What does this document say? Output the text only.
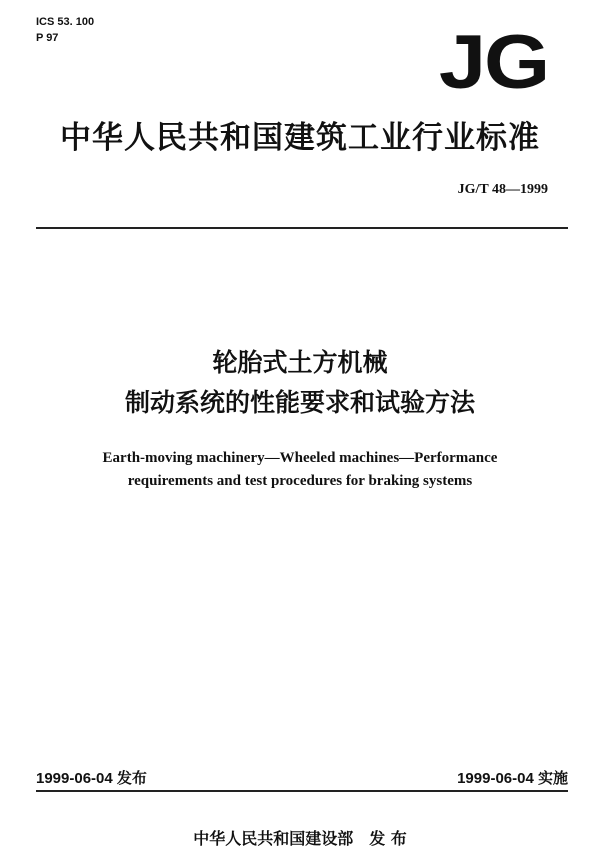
ICS 53. 100
P 97	JG
中华人民共和国建筑工业行业标准
JG/T 48—1999
轮胎式土方机械
制动系统的性能要求和试验方法
Earth-moving machinery—Wheeled machines—Performance
requirements and test procedures for braking systems
1999-06-04 发布	1999-06-04 实施
中华人民共和国建设部　发 布
